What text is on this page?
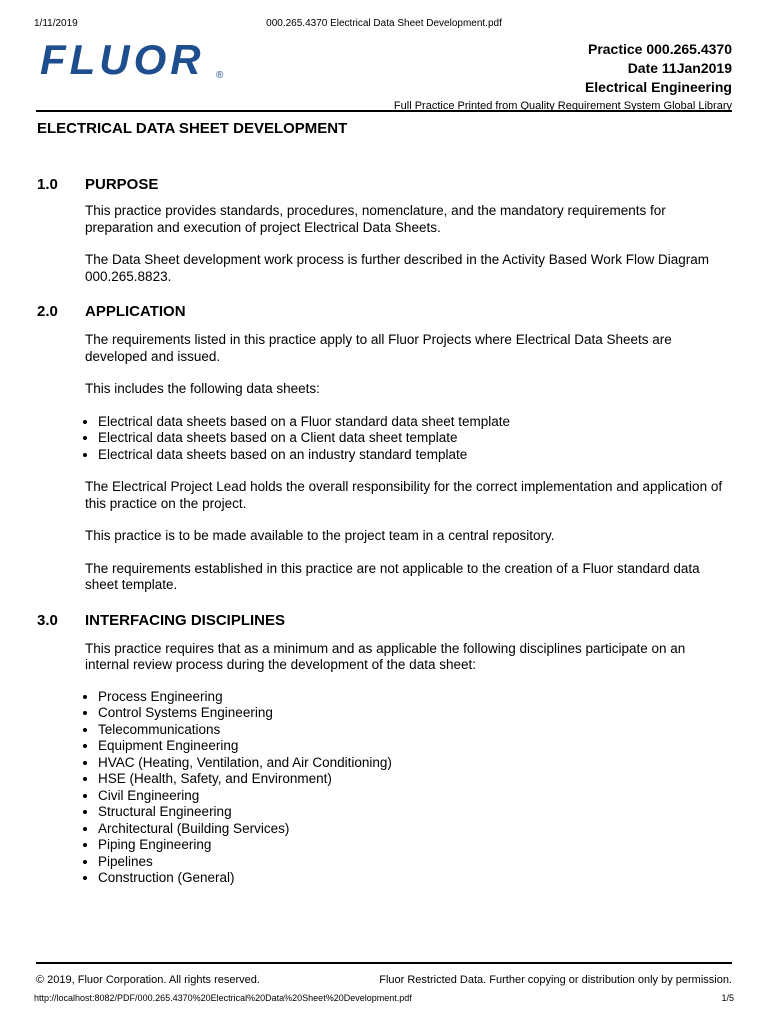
1/11/2019	000.265.4370 Electrical Data Sheet Development.pdf
FLUOR ®
Practice 000.265.4370
Date 11Jan2019
Electrical Engineering
Full Practice Printed from Quality Requirement System Global Library
ELECTRICAL DATA SHEET DEVELOPMENT
1.0	PURPOSE

This practice provides standards, procedures, nomenclature, and the mandatory requirements for preparation and execution of project Electrical Data Sheets.

The Data Sheet development work process is further described in the Activity Based Work Flow Diagram 000.265.8823.

2.0	APPLICATION

The requirements listed in this practice apply to all Fluor Projects where Electrical Data Sheets are developed and issued.

This includes the following data sheets:

• Electrical data sheets based on a Fluor standard data sheet template
• Electrical data sheets based on a Client data sheet template
• Electrical data sheets based on an industry standard template

The Electrical Project Lead holds the overall responsibility for the correct implementation and application of this practice on the project.

This practice is to be made available to the project team in a central repository.

The requirements established in this practice are not applicable to the creation of a Fluor standard data sheet template.

3.0	INTERFACING DISCIPLINES

This practice requires that as a minimum and as applicable the following disciplines participate on an internal review process during the development of the data sheet:

• Process Engineering
• Control Systems Engineering
• Telecommunications
• Equipment Engineering
• HVAC (Heating, Ventilation, and Air Conditioning)
• HSE (Health, Safety, and Environment)
• Civil Engineering
• Structural Engineering
• Architectural (Building Services)
• Piping Engineering
• Pipelines
• Construction (General)
© 2019, Fluor Corporation. All rights reserved.	Fluor Restricted Data. Further copying or distribution only by permission.
http://localhost:8082/PDF/000.265.4370%20Electrical%20Data%20Sheet%20Development.pdf	1/5
